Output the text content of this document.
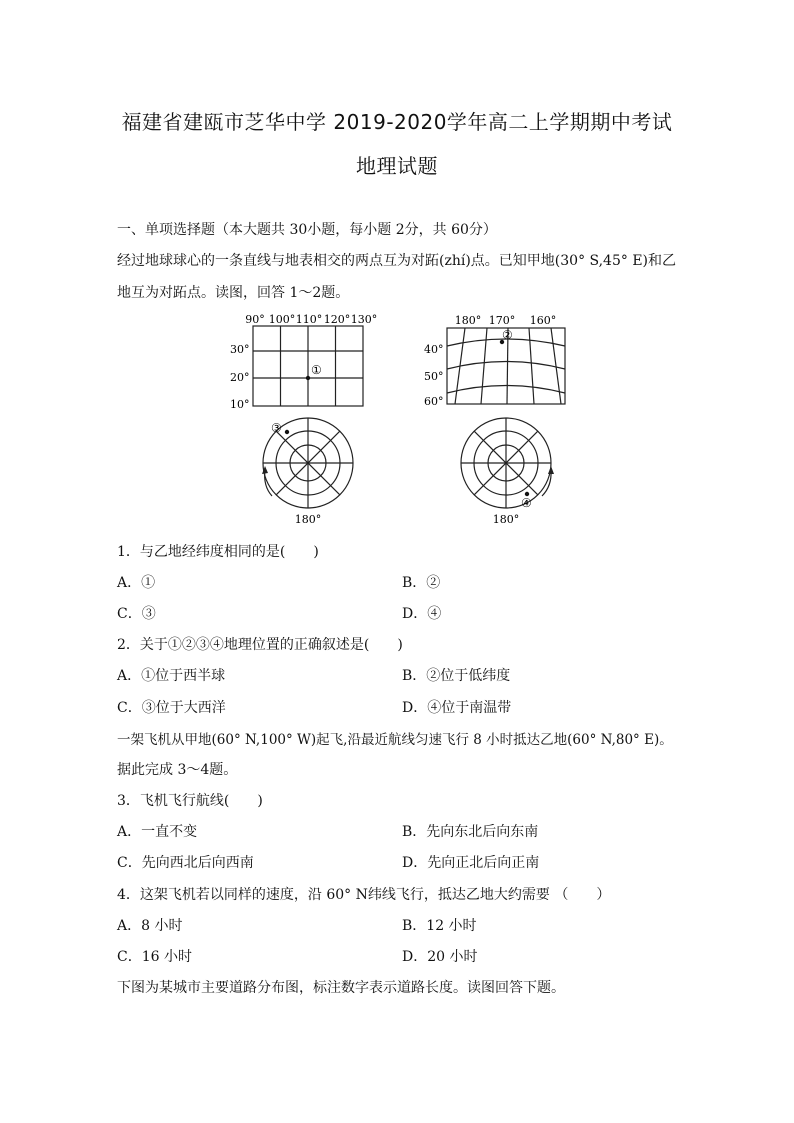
福建省建瓯市芝华中学 2019-2020学年高二上学期期中考试
地理试题
一、单项选择题（本大题共 30小题，每小题 2分，共 60分）
经过地球球心的一条直线与地表相交的两点互为对跖(zhí)点。已知甲地(30° S,45° E)和乙
地互为对跖点。读图，回答 1～2题。
90° 100° 110° 120° 130°
30°
20°
10°
①
180° 170° 160°
40°
50°
60°
②
③
180°
④
180°
1．与乙地经纬度相同的是(　　)
A．①	B．②
C．③	D．④
2．关于①②③④地理位置的正确叙述是(　　)
A．①位于西半球	B．②位于低纬度
C．③位于大西洋	D．④位于南温带
一架飞机从甲地(60° N,100° W)起飞,沿最近航线匀速飞行 8 小时抵达乙地(60° N,80° E)。
据此完成 3～4题。
3．飞机飞行航线(　　)
A．一直不变	B．先向东北后向东南
C．先向西北后向西南	D．先向正北后向正南
4．这架飞机若以同样的速度，沿 60° N纬线飞行，抵达乙地大约需要 （　　）
A．8 小时	B．12 小时
C．16 小时	D．20 小时
下图为某城市主要道路分布图，标注数字表示道路长度。读图回答下题。
